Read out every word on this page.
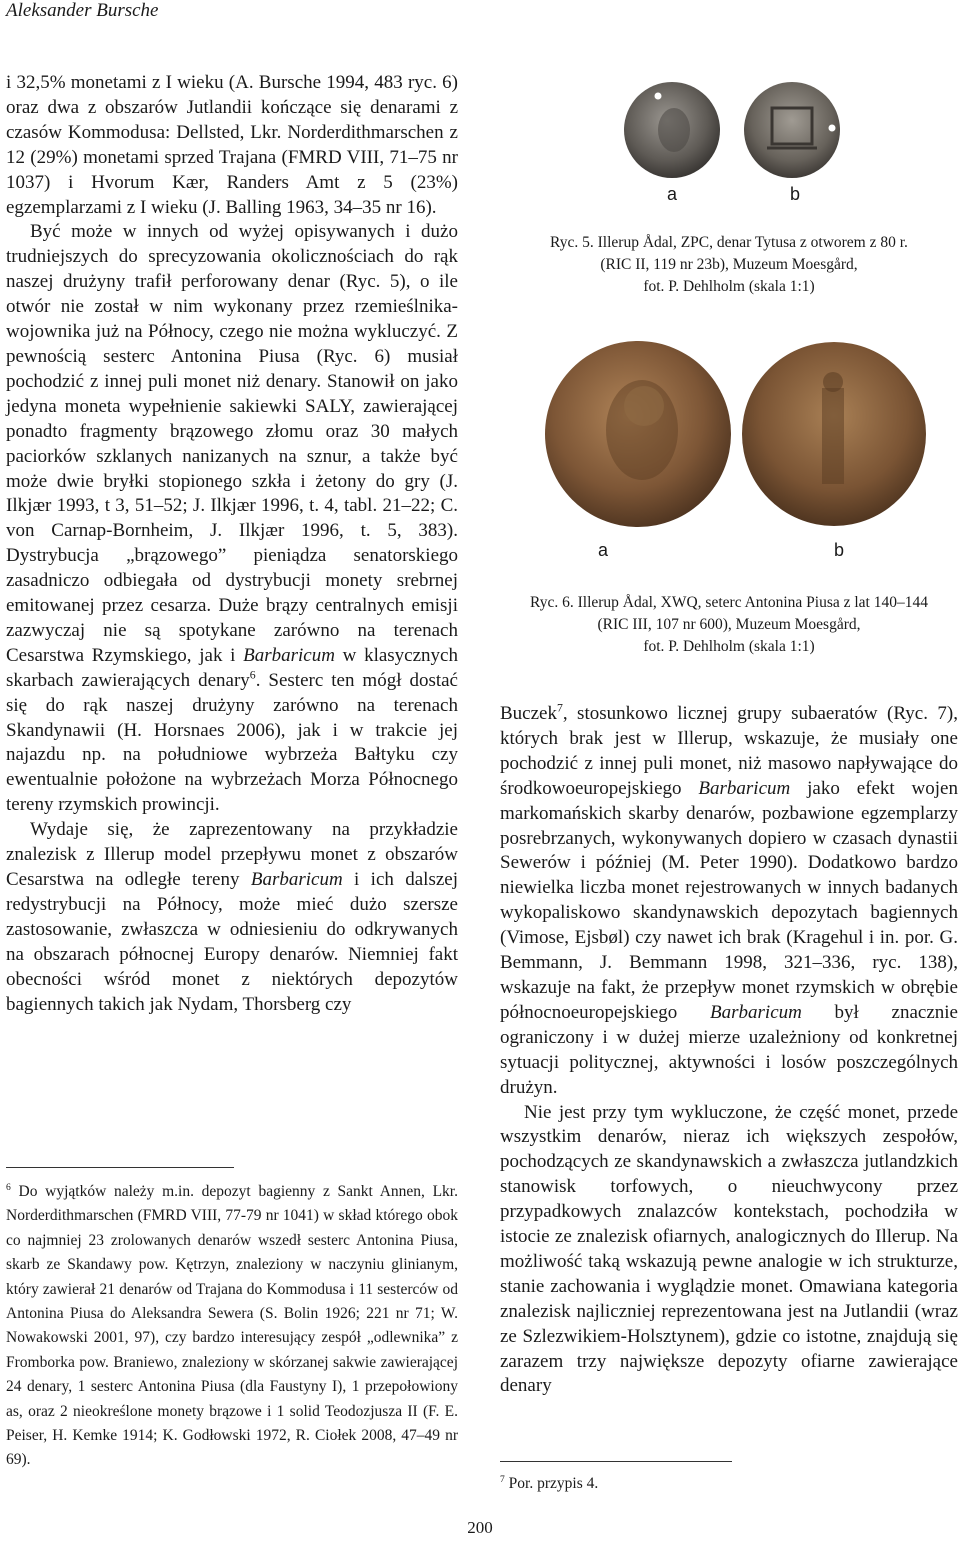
Aleksander Bursche

i 32,5% monetami z I wieku (A. Bursche 1994, 483 ryc. 6) oraz dwa z obszarów Jutlandii kończące się denarami z czasów Kommodusa: Dellsted, Lkr. Norderdithmarschen z 12 (29%) monetami sprzed Trajana (FMRD VIII, 71–75 nr 1037) i Hvorum Kær, Randers Amt z 5 (23%) egzemplarzami z I wieku (J. Balling 1963, 34–35 nr 16).

Być może w innych od wyżej opisywanych i dużo trudniejszych do sprecyzowania okolicznościach do rąk naszej drużyny trafił perforowany denar (Ryc. 5), o ile otwór nie został w nim wykonany przez rzemieślnika-wojownika już na Północy, czego nie można wykluczyć. Z pewnością sesterc Antonina Piusa (Ryc. 6) musiał pochodzić z innej puli monet niż denary. Stanowił on jako jedyna moneta wypełnienie sakiewki SALY, zawierającej ponadto fragmenty brązowego złomu oraz 30 małych paciorków szklanych nanizanych na sznur, a także być może dwie bryłki stopionego szkła i żetony do gry (J. Ilkjær 1993, t 3, 51–52; J. Ilkjær 1996, t. 4, tabl. 21–22; C. von Carnap-Bornheim, J. Ilkjær 1996, t. 5, 383). Dystrybucja „brązowego” pieniądza senatorskiego zasadniczo odbiegała od dystrybucji monety srebrnej emitowanej przez cesarza. Duże brązy centralnych emisji zazwyczaj nie są spotykane zarówno na terenach Cesarstwa Rzymskiego, jak i Barbaricum w klasycznych skarbach zawierających denary$^6$. Sesterc ten mógł dostać się do rąk naszej drużyny zarówno na terenach Skandynawii (H. Horsnaes 2006), jak i w trakcie jej najazdu np. na południowe wybrzeża Bałtyku czy ewentualnie położone na wybrzeżach Morza Północnego tereny rzymskich prowincji.

Wydaje się, że zaprezentowany na przykładzie znalezisk z Illerup model przepływu monet z obszarów Cesarstwa na odległe tereny Barbaricum i ich dalszej redystrybucji na Północy, może mieć dużo szersze zastosowanie, zwłaszcza w odniesieniu do odkrywanych na obszarach północnej Europy denarów. Niemniej fakt obecności wśród monet z niektórych depozytów bagiennych takich jak Nydam, Thorsberg czy

$^6$ Do wyjątków należy m.in. depozyt bagienny z Sankt Annen, Lkr. Norderdithmarschen (FMRD VIII, 77-79 nr 1041) w skład którego obok co najmniej 23 zrolowanych denarów wszedł sesterc Antonina Piusa, skarb ze Skandawy pow. Kętrzyn, znaleziony w naczyniu glinianym, który zawierał 21 denarów od Trajana do Kommodusa i 11 sesterców od Antonina Piusa do Aleksandra Sewera (S. Bolin 1926; 221 nr 71; W. Nowakowski 2001, 97), czy bardzo interesujący zespół „odlewnika” z Fromborka pow. Braniewo, znaleziony w skórzanej sakwie zawierającej 24 denary, 1 sesterc Antonina Piusa (dla Faustyny I), 1 przepołowiony as, oraz 2 nieokreślone monety brązowe i 1 solid Teodozjusza II (F. E. Peiser, H. Kemke 1914; K. Godłowski 1972, R. Ciołek 2008, 47–49 nr 69).
a	b
Ryc. 5. Illerup Ådal, ZPC, denar Tytusa z otworem z 80 r.
(RIC II, 119 nr 23b), Muzeum Moesgård,
fot. P. Dehlholm (skala 1:1)
a	b
Ryc. 6. Illerup Ådal, XWQ, seterc Antonina Piusa z lat 140–144
(RIC III, 107 nr 600), Muzeum Moesgård,
fot. P. Dehlholm (skala 1:1)

Buczek$^7$, stosunkowo licznej grupy subaeratów (Ryc. 7), których brak jest w Illerup, wskazuje, że musiały one pochodzić z innej puli monet, niż masowo napływające do środkowoeuropejskiego Barbaricum jako efekt wojen markomańskich skarby denarów, pozbawione egzemplarzy posrebrzanych, wykonywanych dopiero w czasach dynastii Sewerów i później (M. Peter 1990). Dodatkowo bardzo niewielka liczba monet rejestrowanych w innych badanych wykopaliskowo skandynawskich depozytach bagiennych (Vimose, Ejsbøl) czy nawet ich brak (Kragehul i in. por. G. Bemmann, J. Bemmann 1998, 321–336, ryc. 138), wskazuje na fakt, że przepływ monet rzymskich w obrębie północnoeuropejskiego Barbaricum był znacznie ograniczony i w dużej mierze uzależniony od konkretnej sytuacji politycznej, aktywności i losów poszczególnych drużyn.

Nie jest przy tym wykluczone, że część monet, przede wszystkim denarów, nieraz ich większych zespołów, pochodzących ze skandynawskich a zwłaszcza jutlandzkich stanowisk torfowych, o nieuchwycony przez przypadkowych znalazców kontekstach, pochodziła w istocie ze znalezisk ofiarnych, analogicznych do Illerup. Na możliwość taką wskazują pewne analogie w ich strukturze, stanie zachowania i wyglądzie monet. Omawiana kategoria znalezisk najliczniej reprezentowana jest na Jutlandii (wraz ze Szlezwikiem-Holsztynem), gdzie co istotne, znajdują się zarazem trzy największe depozyty ofiarne zawierające denary

$^7$ Por. przypis 4.
200
